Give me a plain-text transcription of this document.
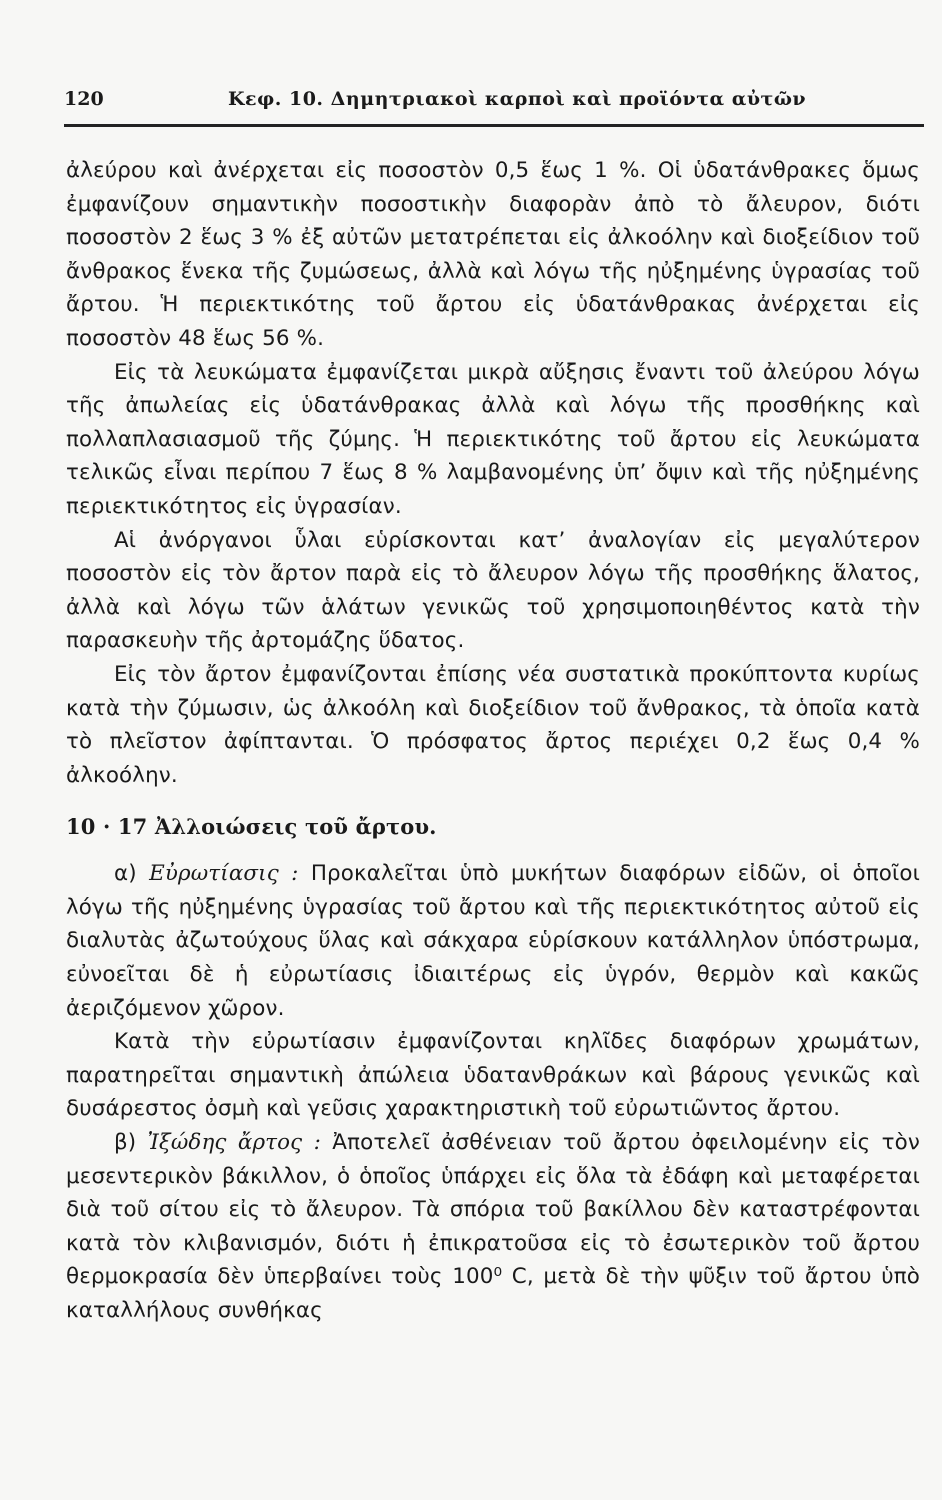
120	Κεφ. 10. Δημητριακοὶ καρποὶ καὶ προϊόντα αὐτῶν

ἀλεύρου καὶ ἀνέρχεται εἰς ποσοστὸν 0,5 ἕως 1 %. Οἱ ὑδατάνθρακες ὅμως ἐμφανίζουν σημαντικὴν ποσοστικὴν διαφορὰν ἀπὸ τὸ ἄλευρον, διότι ποσοστὸν 2 ἕως 3 % ἐξ αὐτῶν μετατρέπεται εἰς ἀλκοόλην καὶ διοξείδιον τοῦ ἄνθρακος ἕνεκα τῆς ζυμώσεως, ἀλλὰ καὶ λόγω τῆς ηὐξημένης ὑγρασίας τοῦ ἄρτου. Ἡ περιεκτικότης τοῦ ἄρτου εἰς ὑδατάνθρακας ἀνέρχεται εἰς ποσοστὸν 48 ἕως 56 %.

Εἰς τὰ λευκώματα ἐμφανίζεται μικρὰ αὔξησις ἔναντι τοῦ ἀλεύρου λόγω τῆς ἀπωλείας εἰς ὑδατάνθρακας ἀλλὰ καὶ λόγω τῆς προσθήκης καὶ πολλαπλασιασμοῦ τῆς ζύμης. Ἡ περιεκτικότης τοῦ ἄρτου εἰς λευκώματα τελικῶς εἶναι περίπου 7 ἕως 8 % λαμβανομένης ὑπ’ ὄψιν καὶ τῆς ηὐξημένης περιεκτικότητος εἰς ὑγρασίαν.

Αἱ ἀνόργανοι ὗλαι εὑρίσκονται κατ’ ἀναλογίαν εἰς μεγαλύτερον ποσοστὸν εἰς τὸν ἄρτον παρὰ εἰς τὸ ἄλευρον λόγω τῆς προσθήκης ἅλατος, ἀλλὰ καὶ λόγω τῶν ἁλάτων γενικῶς τοῦ χρησιμοποιηθέντος κατὰ τὴν παρασκευὴν τῆς ἀρτομάζης ὕδατος.

Εἰς τὸν ἄρτον ἐμφανίζονται ἐπίσης νέα συστατικὰ προκύπτοντα κυρίως κατὰ τὴν ζύμωσιν, ὡς ἀλκοόλη καὶ διοξείδιον τοῦ ἄνθρακος, τὰ ὁποῖα κατὰ τὸ πλεῖστον ἀφίπτανται. Ὁ πρόσφατος ἄρτος περιέχει 0,2 ἕως 0,4 % ἀλκοόλην.

10 · 17 Ἀλλοιώσεις τοῦ ἄρτου.

α) Εὐρωτίασις : Προκαλεῖται ὑπὸ μυκήτων διαφόρων εἰδῶν, οἱ ὁποῖοι λόγω τῆς ηὐξημένης ὑγρασίας τοῦ ἄρτου καὶ τῆς περιεκτικότητος αὐτοῦ εἰς διαλυτὰς ἀζωτούχους ὕλας καὶ σάκχαρα εὑρίσκουν κατάλληλον ὑπόστρωμα, εὐνοεῖται δὲ ἡ εὐρωτίασις ἰδιαιτέρως εἰς ὑγρόν, θερμὸν καὶ κακῶς ἀεριζόμενον χῶρον.

Κατὰ τὴν εὐρωτίασιν ἐμφανίζονται κηλῖδες διαφόρων χρωμάτων, παρατηρεῖται σημαντικὴ ἀπώλεια ὑδατανθράκων καὶ βάρους γενικῶς καὶ δυσάρεστος ὀσμὴ καὶ γεῦσις χαρακτηριστικὴ τοῦ εὐρωτιῶντος ἄρτου.

β) Ἰξώδης ἄρτος : Ἀποτελεῖ ἀσθένειαν τοῦ ἄρτου ὀφειλομένην εἰς τὸν μεσεντερικὸν βάκιλλον, ὁ ὁποῖος ὑπάρχει εἰς ὅλα τὰ ἐδάφη καὶ μεταφέρεται διὰ τοῦ σίτου εἰς τὸ ἄλευρον. Τὰ σπόρια τοῦ βακίλλου δὲν καταστρέφονται κατὰ τὸν κλιβανισμόν, διότι ἡ ἐπικρατοῦσα εἰς τὸ ἐσωτερικὸν τοῦ ἄρτου θερμοκρασία δὲν ὑπερβαίνει τοὺς 100⁰ C, μετὰ δὲ τὴν ψῦξιν τοῦ ἄρτου ὑπὸ καταλλήλους συνθήκας
